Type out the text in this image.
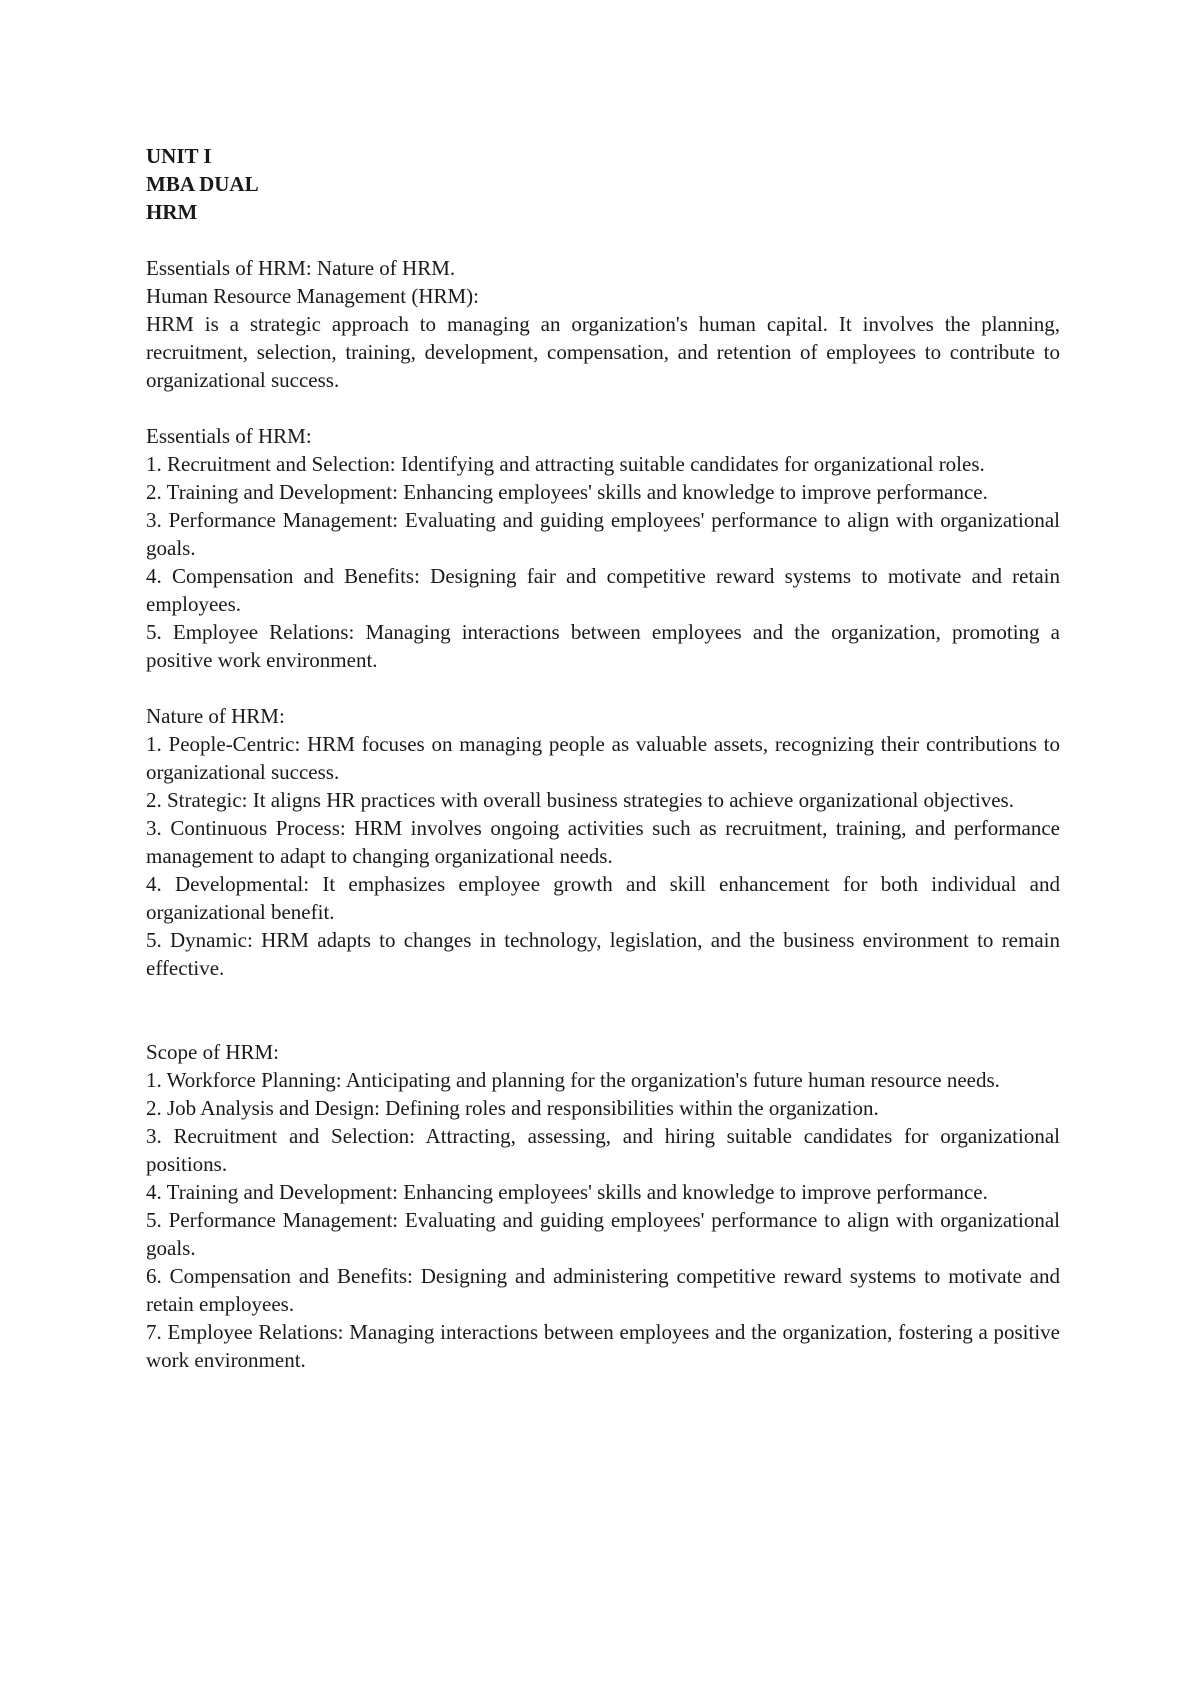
UNIT I
MBA DUAL
HRM
Essentials of HRM: Nature of HRM.
Human Resource Management (HRM):

HRM is a strategic approach to managing an organization's human capital. It involves the planning, recruitment, selection, training, development, compensation, and retention of employees to contribute to organizational success.

Essentials of HRM:

1. Recruitment and Selection: Identifying and attracting suitable candidates for organizational roles.

2. Training and Development: Enhancing employees' skills and knowledge to improve performance.

3. Performance Management: Evaluating and guiding employees' performance to align with organizational goals.

4. Compensation and Benefits: Designing fair and competitive reward systems to motivate and retain employees.

5. Employee Relations: Managing interactions between employees and the organization, promoting a positive work environment.

Nature of HRM:

1. People-Centric: HRM focuses on managing people as valuable assets, recognizing their contributions to organizational success.

2. Strategic: It aligns HR practices with overall business strategies to achieve organizational objectives.

3. Continuous Process: HRM involves ongoing activities such as recruitment, training, and performance management to adapt to changing organizational needs.

4. Developmental: It emphasizes employee growth and skill enhancement for both individual and organizational benefit.

5. Dynamic: HRM adapts to changes in technology, legislation, and the business environment to remain effective.

Scope of HRM:

1. Workforce Planning: Anticipating and planning for the organization's future human resource needs.

2. Job Analysis and Design: Defining roles and responsibilities within the organization.

3. Recruitment and Selection: Attracting, assessing, and hiring suitable candidates for organizational positions.

4. Training and Development: Enhancing employees' skills and knowledge to improve performance.

5. Performance Management: Evaluating and guiding employees' performance to align with organizational goals.

6. Compensation and Benefits: Designing and administering competitive reward systems to motivate and retain employees.

7. Employee Relations: Managing interactions between employees and the organization, fostering a positive work environment.
